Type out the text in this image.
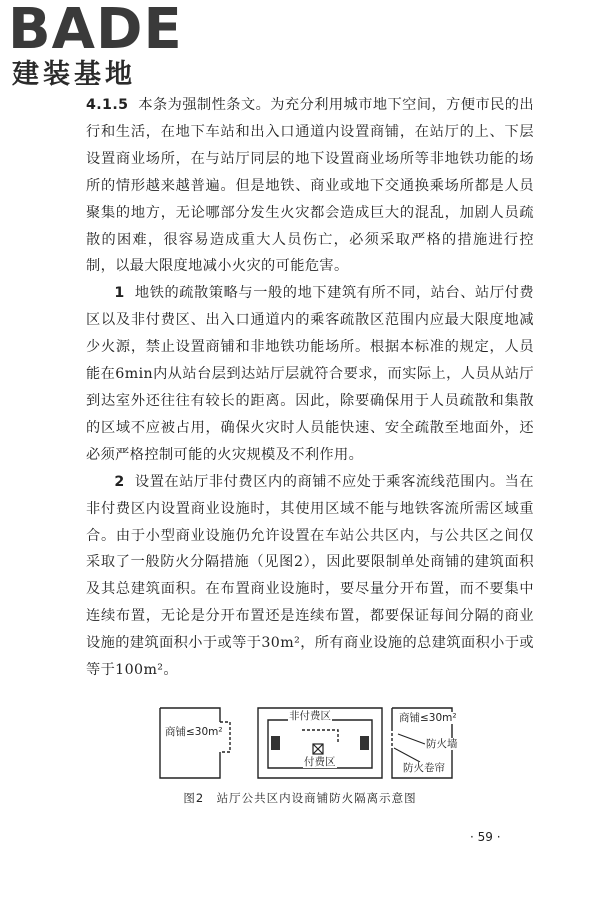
BADE
建装基地

4.1.5 本条为强制性条文。为充分利用城市地下空间，方便市民的出行和生活，在地下车站和出入口通道内设置商铺，在站厅的上、下层设置商业场所，在与站厅同层的地下设置商业场所等非地铁功能的场所的情形越来越普遍。但是地铁、商业或地下交通换乘场所都是人员聚集的地方，无论哪部分发生火灾都会造成巨大的混乱，加剧人员疏散的困难，很容易造成重大人员伤亡，必须采取严格的措施进行控制，以最大限度地减小火灾的可能危害。

1 地铁的疏散策略与一般的地下建筑有所不同，站台、站厅付费区以及非付费区、出入口通道内的乘客疏散区范围内应最大限度地减少火源，禁止设置商铺和非地铁功能场所。根据本标准的规定，人员能在6min内从站台层到达站厅层就符合要求，而实际上，人员从站厅到达室外还往往有较长的距离。因此，除要确保用于人员疏散和集散的区域不应被占用，确保火灾时人员能快速、安全疏散至地面外，还必须严格控制可能的火灾规模及不利作用。

2 设置在站厅非付费区内的商铺不应处于乘客流线范围内。当在非付费区内设置商业设施时，其使用区域不能与地铁客流所需区域重合。由于小型商业设施仍允许设置在车站公共区内，与公共区之间仅采取了一般防火分隔措施（见图2），因此要限制单处商铺的建筑面积及其总建筑面积。在布置商业设施时，要尽量分开布置，而不要集中连续布置，无论是分开布置还是连续布置，都要保证每间分隔的商业设施的建筑面积小于或等于30m²，所有商业设施的总建筑面积小于或等于100m²。

商铺≤30m²
非付费区
付费区
商铺≤30m²
防火墙
防火卷帘
图2　站厅公共区内设商铺防火隔离示意图
· 59 ·
